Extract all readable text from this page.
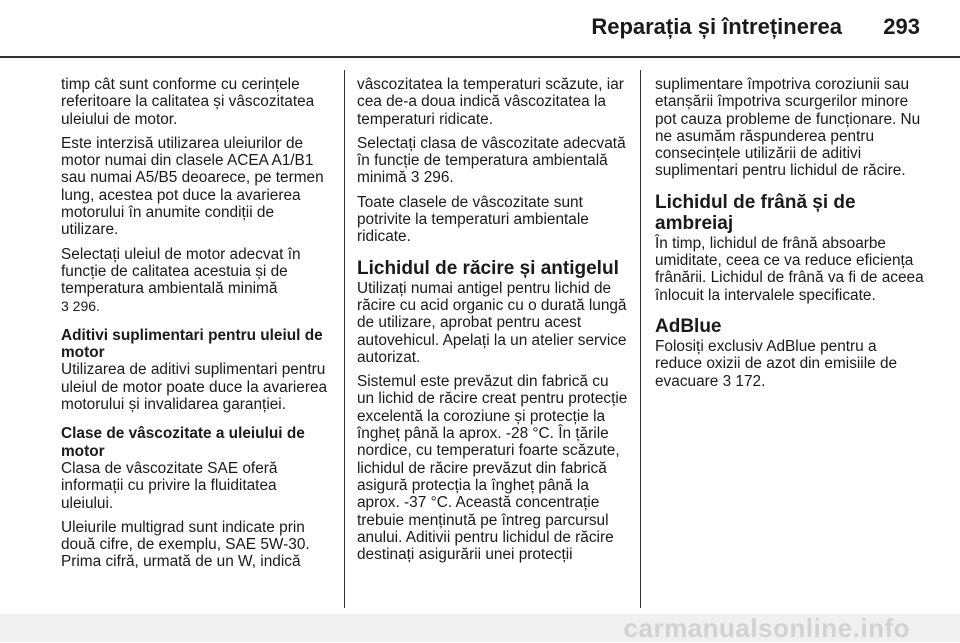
Reparația și întreținerea 293

timp cât sunt conforme cu cerințele referitoare la calitatea și vâscozitatea uleiului de motor.

Este interzisă utilizarea uleiurilor de motor numai din clasele ACEA A1/B1 sau numai A5/B5 deoarece, pe termen lung, acestea pot duce la avarierea motorului în anumite condiții de utilizare.

Selectați uleiul de motor adecvat în funcție de calitatea acestuia și de temperatura ambientală minimă
3 296.

Aditivi suplimentari pentru uleiul de motor

Utilizarea de aditivi suplimentari pentru uleiul de motor poate duce la avarierea motorului și invalidarea garanției.

Clase de vâscozitate a uleiului de motor

Clasa de vâscozitate SAE oferă informații cu privire la fluiditatea uleiului.

Uleiurile multigrad sunt indicate prin două cifre, de exemplu, SAE 5W-30. Prima cifră, urmată de un W, indică

vâscozitatea la temperaturi scăzute, iar cea de-a doua indică vâscozitatea la temperaturi ridicate.

Selectați clasa de vâscozitate adecvată în funcție de temperatura ambientală minimă 3 296.

Toate clasele de vâscozitate sunt potrivite la temperaturi ambientale ridicate.

Lichidul de răcire și antigelul

Utilizați numai antigel pentru lichid de răcire cu acid organic cu o durată lungă de utilizare, aprobat pentru acest autovehicul. Apelați la un atelier service autorizat.

Sistemul este prevăzut din fabrică cu un lichid de răcire creat pentru protecție excelentă la coroziune și protecție la îngheț până la aprox. -28 °C. În țările nordice, cu temperaturi foarte scăzute, lichidul de răcire prevăzut din fabrică asigură protecția la îngheț până la aprox. -37 °C. Această concentrație trebuie menținută pe întreg parcursul anului. Aditivii pentru lichidul de răcire destinați asigurării unei protecții

suplimentare împotriva coroziunii sau etanșării împotriva scurgerilor minore pot cauza probleme de funcționare. Nu ne asumăm răspunderea pentru consecințele utilizării de aditivi suplimentari pentru lichidul de răcire.

Lichidul de frână și de ambreiaj

În timp, lichidul de frână absoarbe umiditate, ceea ce va reduce eficiența frânării. Lichidul de frână va fi de aceea înlocuit la intervalele specificate.

AdBlue

Folosiți exclusiv AdBlue pentru a reduce oxizii de azot din emisiile de evacuare 3 172.

carmanualsonline.info
